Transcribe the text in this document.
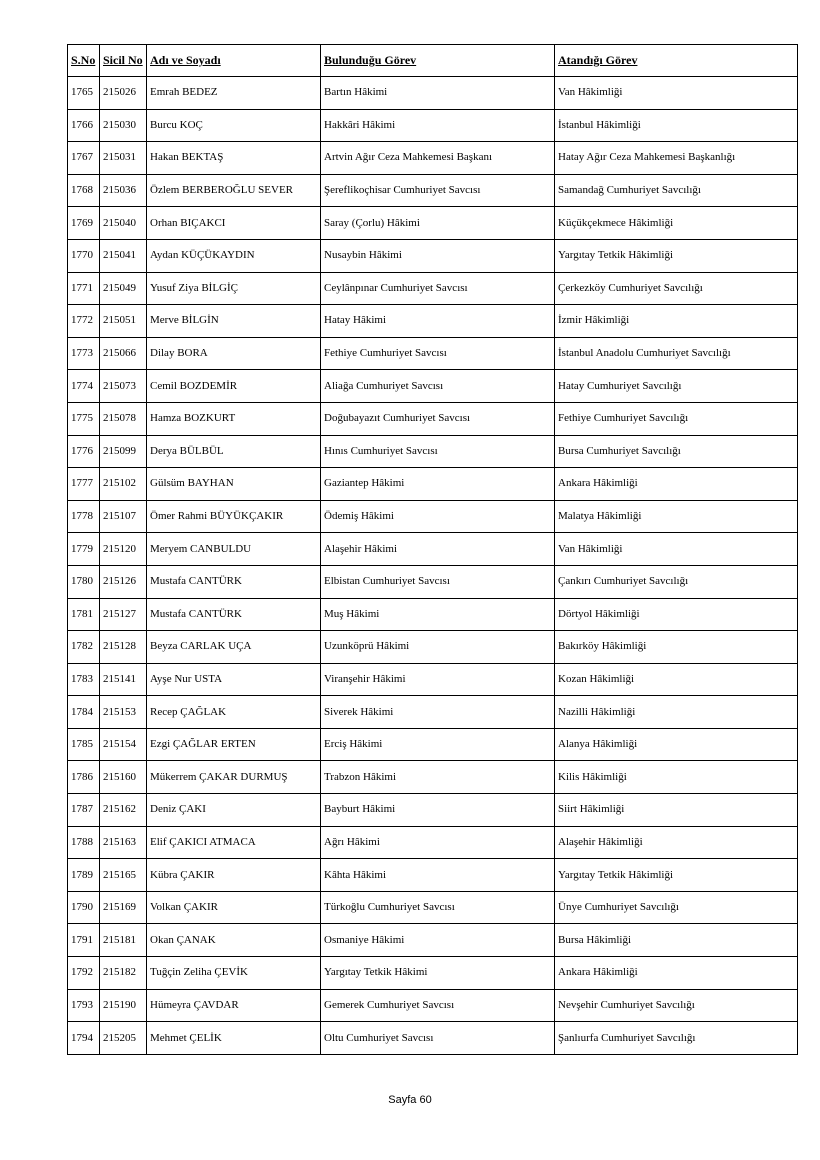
S.No	Sicil No	Adı ve Soyadı	Bulunduğu Görev	Atandığı Görev
1765	215026	Emrah BEDEZ	Bartın Hâkimi	Van Hâkimliği
1766	215030	Burcu KOÇ	Hakkâri Hâkimi	İstanbul Hâkimliği
1767	215031	Hakan BEKTAŞ	Artvin Ağır Ceza Mahkemesi Başkanı	Hatay Ağır Ceza Mahkemesi Başkanlığı
1768	215036	Özlem BERBEROĞLU SEVER	Şereflikoçhisar Cumhuriyet Savcısı	Samandağ Cumhuriyet Savcılığı
1769	215040	Orhan BIÇAKCI	Saray (Çorlu) Hâkimi	Küçükçekmece Hâkimliği
1770	215041	Aydan KÜÇÜKAYDIN	Nusaybin Hâkimi	Yargıtay Tetkik Hâkimliği
1771	215049	Yusuf Ziya BİLGİÇ	Ceylânpınar Cumhuriyet Savcısı	Çerkezköy Cumhuriyet Savcılığı
1772	215051	Merve BİLGİN	Hatay Hâkimi	İzmir Hâkimliği
1773	215066	Dilay BORA	Fethiye Cumhuriyet Savcısı	İstanbul Anadolu Cumhuriyet Savcılığı
1774	215073	Cemil BOZDEMİR	Aliağa Cumhuriyet Savcısı	Hatay Cumhuriyet Savcılığı
1775	215078	Hamza BOZKURT	Doğubayazıt Cumhuriyet Savcısı	Fethiye Cumhuriyet Savcılığı
1776	215099	Derya BÜLBÜL	Hınıs Cumhuriyet Savcısı	Bursa Cumhuriyet Savcılığı
1777	215102	Gülsüm BAYHAN	Gaziantep Hâkimi	Ankara Hâkimliği
1778	215107	Ömer Rahmi BÜYÜKÇAKIR	Ödemiş Hâkimi	Malatya Hâkimliği
1779	215120	Meryem CANBULDU	Alaşehir Hâkimi	Van Hâkimliği
1780	215126	Mustafa CANTÜRK	Elbistan Cumhuriyet Savcısı	Çankırı Cumhuriyet Savcılığı
1781	215127	Mustafa CANTÜRK	Muş Hâkimi	Dörtyol Hâkimliği
1782	215128	Beyza CARLAK UÇA	Uzunköprü Hâkimi	Bakırköy Hâkimliği
1783	215141	Ayşe Nur USTA	Viranşehir Hâkimi	Kozan Hâkimliği
1784	215153	Recep ÇAĞLAK	Siverek Hâkimi	Nazilli Hâkimliği
1785	215154	Ezgi ÇAĞLAR ERTEN	Erciş Hâkimi	Alanya Hâkimliği
1786	215160	Mükerrem ÇAKAR DURMUŞ	Trabzon Hâkimi	Kilis Hâkimliği
1787	215162	Deniz ÇAKI	Bayburt Hâkimi	Siirt Hâkimliği
1788	215163	Elif ÇAKICI ATMACA	Ağrı Hâkimi	Alaşehir Hâkimliği
1789	215165	Kübra ÇAKIR	Kâhta Hâkimi	Yargıtay Tetkik Hâkimliği
1790	215169	Volkan ÇAKIR	Türkoğlu Cumhuriyet Savcısı	Ünye Cumhuriyet Savcılığı
1791	215181	Okan ÇANAK	Osmaniye Hâkimi	Bursa Hâkimliği
1792	215182	Tuğçin Zeliha ÇEVİK	Yargıtay Tetkik Hâkimi	Ankara Hâkimliği
1793	215190	Hümeyra ÇAVDAR	Gemerek Cumhuriyet Savcısı	Nevşehir Cumhuriyet Savcılığı
1794	215205	Mehmet ÇELİK	Oltu Cumhuriyet Savcısı	Şanlıurfa Cumhuriyet Savcılığı
Sayfa 60
